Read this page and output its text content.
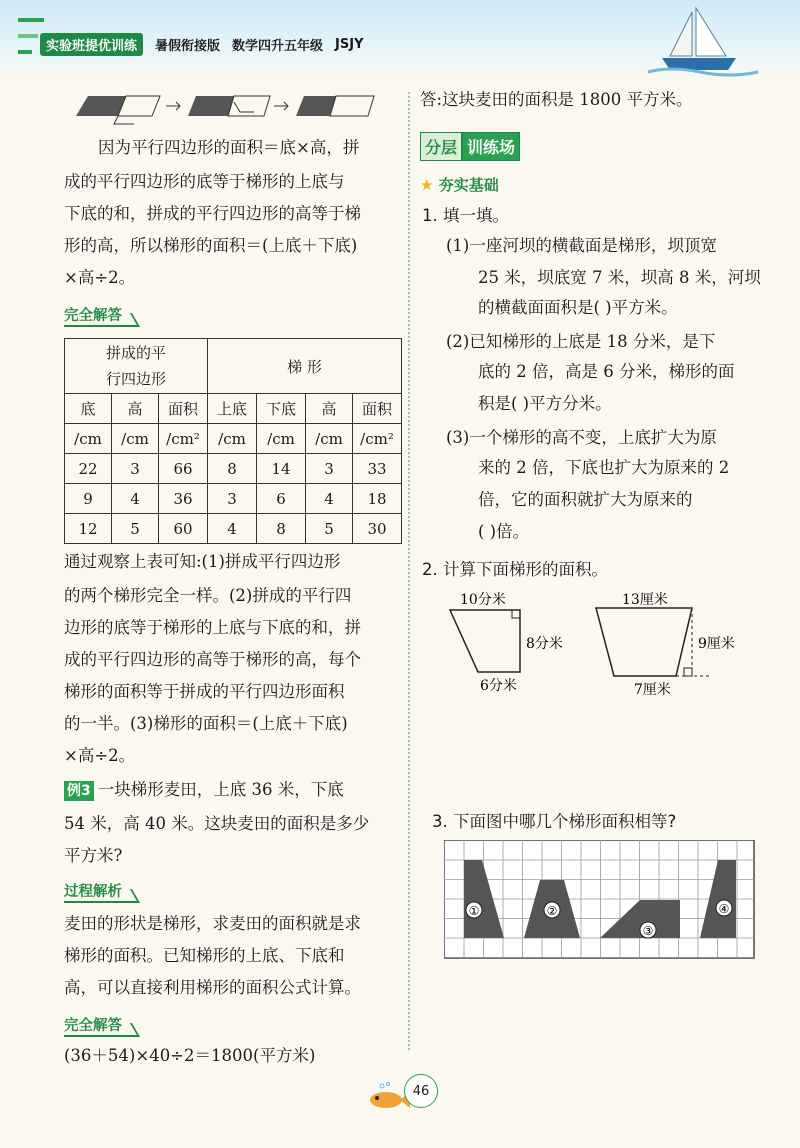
实验班提优训练	暑假衔接版 数学四升五年级 JSJY
因为平行四边形的面积＝底×高，拼
成的平行四边形的底等于梯形的上底与
下底的和，拼成的平行四边形的高等于梯
形的高，所以梯形的面积＝(上底＋下底)
×高÷2。
完全解答
拼成的平
行四边形			梯 形			
底	高	面积	上底	下底	高	面积
/cm	/cm	/cm²	/cm	/cm	/cm	/cm²
22	3	66	8	14	3	33
9	4	36	3	6	4	18
12	5	60	4	8	5	30
通过观察上表可知:(1)拼成平行四边形
的两个梯形完全一样。(2)拼成的平行四
边形的底等于梯形的上底与下底的和，拼
成的平行四边形的高等于梯形的高，每个
梯形的面积等于拼成的平行四边形面积
的一半。(3)梯形的面积＝(上底＋下底)
×高÷2。
例3 一块梯形麦田，上底 36 米，下底
54 米，高 40 米。这块麦田的面积是多少
平方米?
过程解析
麦田的形状是梯形，求麦田的面积就是求
梯形的面积。已知梯形的上底、下底和
高，可以直接利用梯形的面积公式计算。
完全解答
(36＋54)×40÷2＝1800(平方米)
答:这块麦田的面积是 1800 平方米。
分层 训练场
★ 夯实基础
1. 填一填。
(1)一座河坝的横截面是梯形，坝顶宽
25 米，坝底宽 7 米，坝高 8 米，河坝
的横截面面积是( )平方米。
(2)已知梯形的上底是 18 分米，是下
底的 2 倍，高是 6 分米，梯形的面
积是( )平方分米。
(3)一个梯形的高不变，上底扩大为原
来的 2 倍，下底也扩大为原来的 2
倍，它的面积就扩大为原来的
( )倍。
2. 计算下面梯形的面积。
10分米
8分米
6分米
13厘米
9厘米
7厘米
3. 下面图中哪几个梯形面积相等?
①	②
③
④
46
